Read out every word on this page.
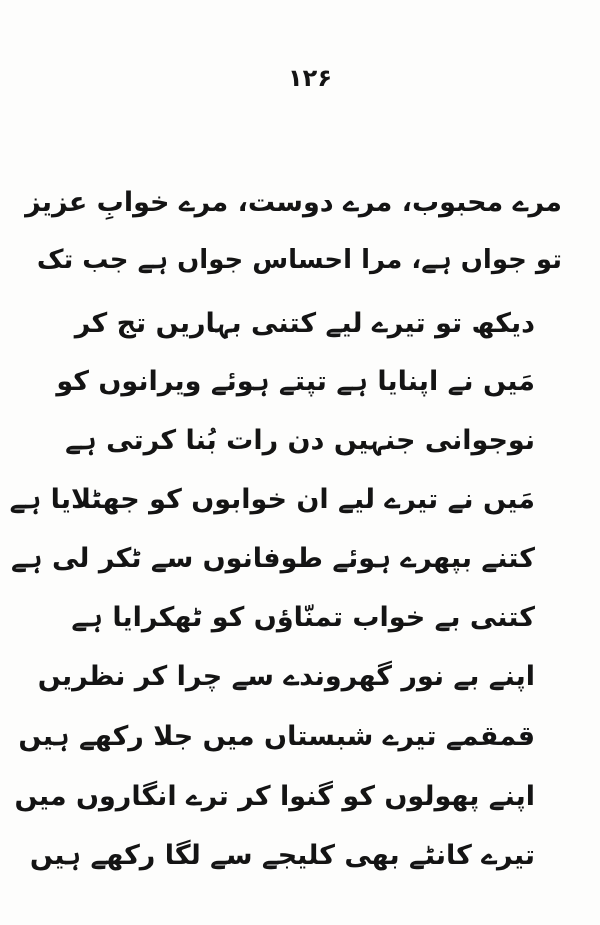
۱۲۶
مرے محبوب، مرے دوست، مرے خوابِ عزیز
تو جواں ہے، مرا احساس جواں ہے جب تک
دیکھ تو تیرے لیے کتنی بہاریں تج کر
مَیں نے اپنایا ہے تپتے ہوئے ویرانوں کو
نوجوانی جنہیں دن رات بُنا کرتی ہے
مَیں نے تیرے لیے ان خوابوں کو جھٹلایا ہے
کتنے بپھرے ہوئے طوفانوں سے ٹکر لی ہے
کتنی بے خواب تمنّاؤں کو ٹھکرایا ہے
اپنے بے نور گھروندے سے چرا کر نظریں
قمقمے تیرے شبستاں میں جلا رکھے ہیں
اپنے پھولوں کو گنوا کر ترے انگاروں میں
تیرے کانٹے بھی کلیجے سے لگا رکھے ہیں
